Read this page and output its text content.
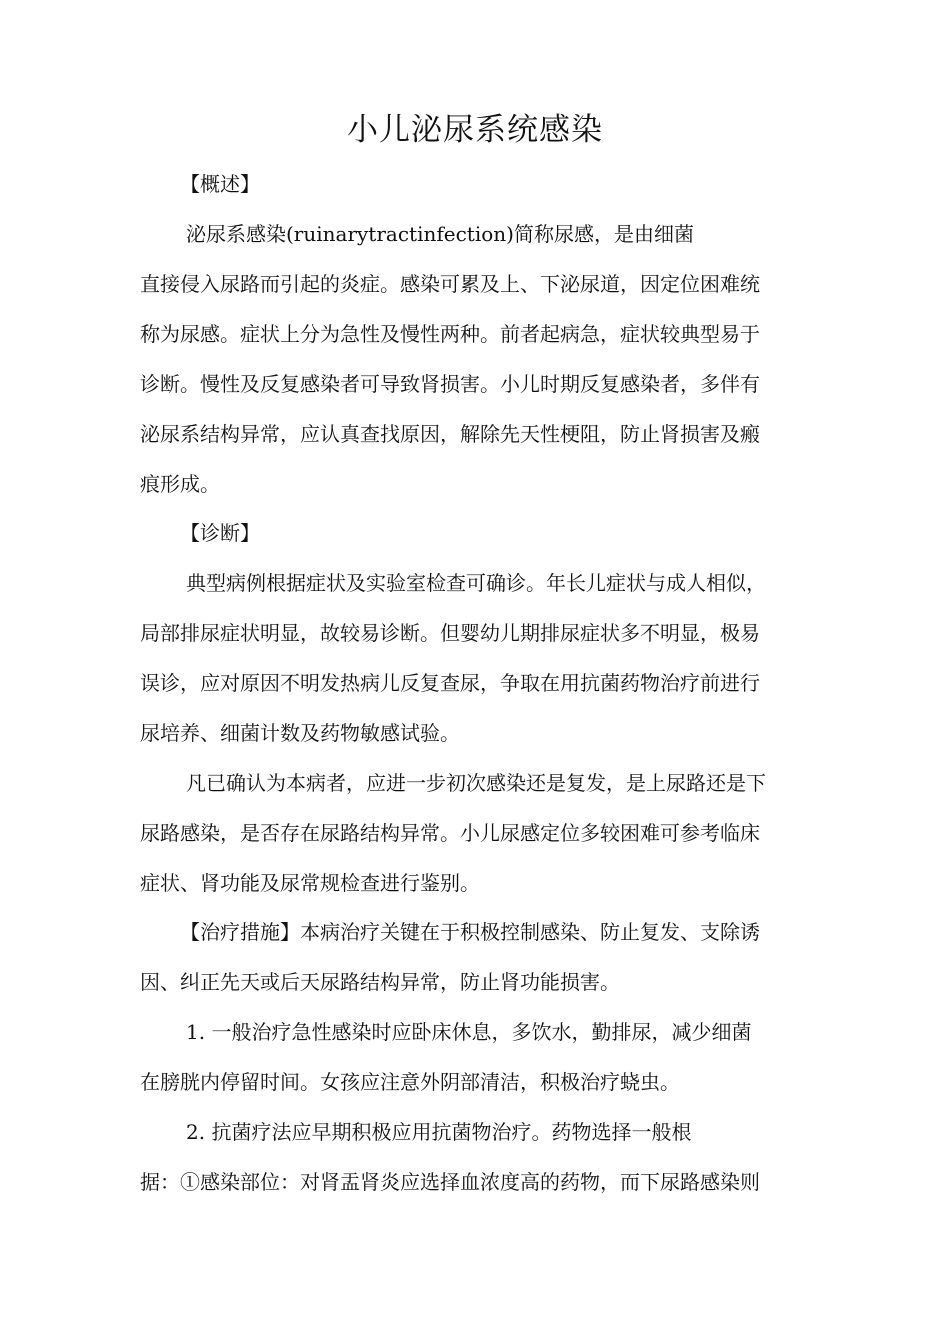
小儿泌尿系统感染
【概述】
泌尿系感染(ruinarytractinfection)简称尿感，是由细菌
直接侵入尿路而引起的炎症。感染可累及上、下泌尿道，因定位困难统
称为尿感。症状上分为急性及慢性两种。前者起病急，症状较典型易于
诊断。慢性及反复感染者可导致肾损害。小儿时期反复感染者，多伴有
泌尿系结构异常，应认真查找原因，解除先天性梗阻，防止肾损害及瘢
痕形成。
【诊断】
典型病例根据症状及实验室检查可确诊。年长儿症状与成人相似，
局部排尿症状明显，故较易诊断。但婴幼儿期排尿症状多不明显，极易
误诊，应对原因不明发热病儿反复查尿，争取在用抗菌药物治疗前进行
尿培养、细菌计数及药物敏感试验。
凡已确认为本病者，应进一步初次感染还是复发，是上尿路还是下
尿路感染，是否存在尿路结构异常。小儿尿感定位多较困难可参考临床
症状、肾功能及尿常规检查进行鉴别。
【治疗措施】本病治疗关键在于积极控制感染、防止复发、支除诱
因、纠正先天或后天尿路结构异常，防止肾功能损害。
1. 一般治疗急性感染时应卧床休息，多饮水，勤排尿，减少细菌
在膀胱内停留时间。女孩应注意外阴部清洁，积极治疗蛲虫。
2. 抗菌疗法应早期积极应用抗菌物治疗。药物选择一般根
据：①感染部位：对肾盂肾炎应选择血浓度高的药物，而下尿路感染则
